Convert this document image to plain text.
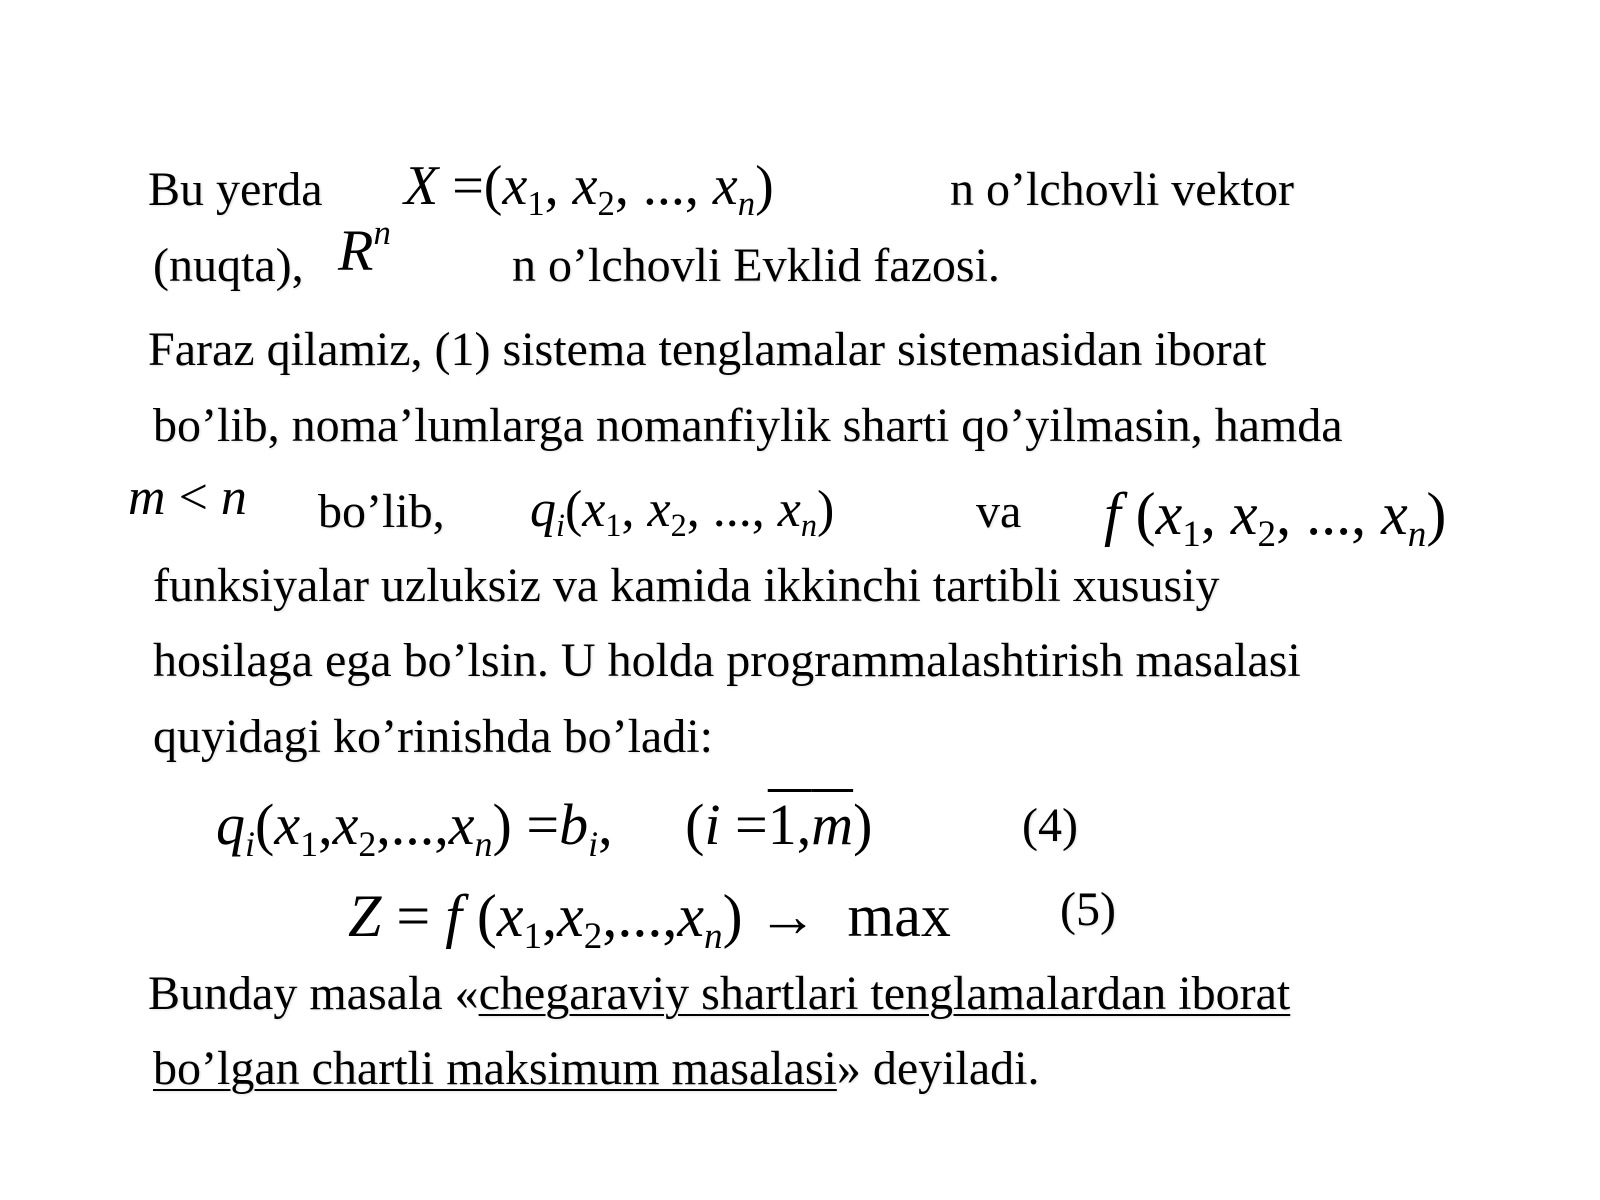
Bu yerda X =(x1, x2, ..., xn)	n o’lchovli vektor
(nuqta), $R^n$
n o’lchovli Evklid fazosi.
Faraz qilamiz, (1) sistema tenglamalar sistemasidan iborat
bo’lib, noma’lumlarga nomanfiylik sharti qo’yilmasin, hamda
m < n bo’lib, qi(x1, x2, ..., xn)	va f (x1, x2, ..., xn)
funksiyalar uzluksiz va kamida ikkinchi tartibli xususiy
hosilaga ega bo’lsin. U holda programmalashtirish masalasi
quyidagi ko’rinishda bo’ladi:
qi(x1,x2,...,xn) =bi,     (i =1,m)	(4)
Z = f (x1,x2,...,xn) →  max (5)
Bunday masala «chegaraviy shartlari tenglamalardan iborat
bo’lgan chartli maksimum masalasi» deyiladi.
